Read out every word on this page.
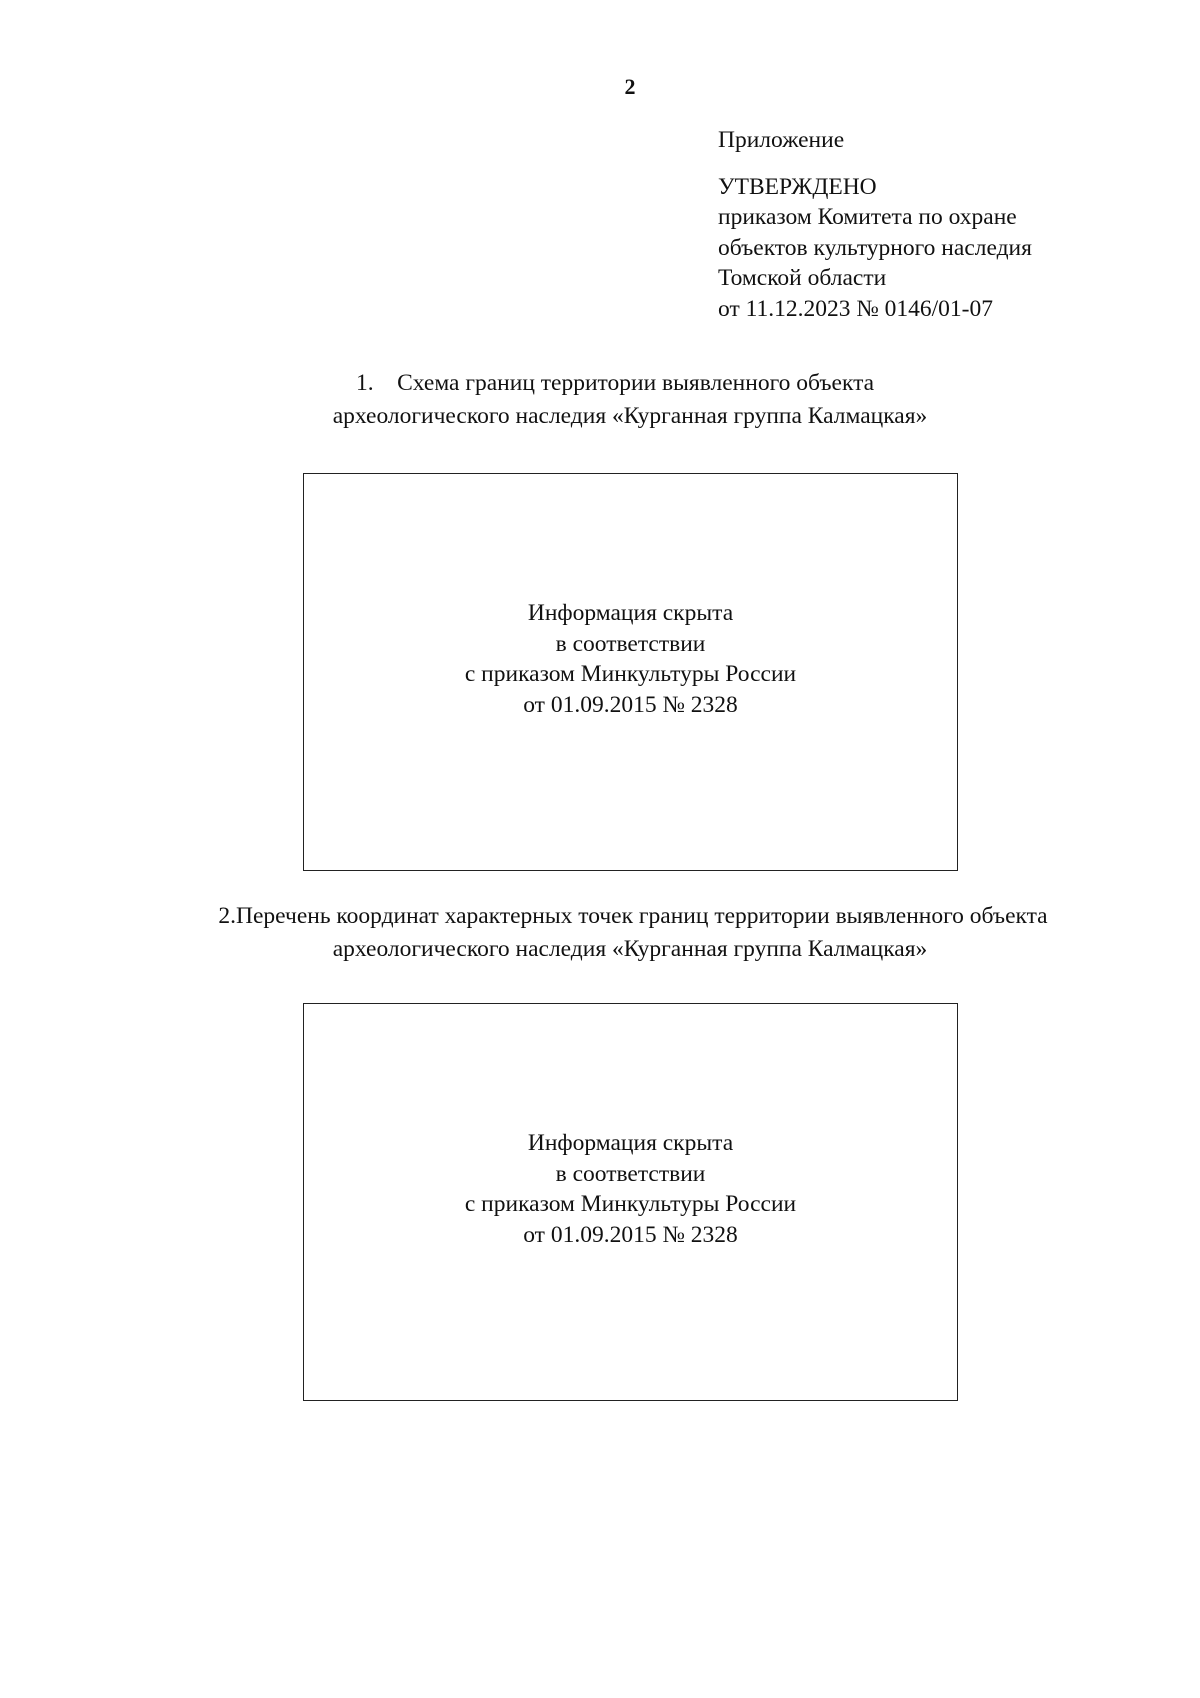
2
Приложение
УТВЕРЖДЕНО
приказом Комитета по охране
объектов культурного наследия
Томской области
от 11.12.2023 № 0146/01-07
1. Схема границ территории выявленного объекта
археологического наследия «Курганная группа Калмацкая»
Информация скрыта
в соответствии
с приказом Минкультуры России
от 01.09.2015 № 2328
2.Перечень координат характерных точек границ территории выявленного объекта
археологического наследия «Курганная группа Калмацкая»
Информация скрыта
в соответствии
с приказом Минкультуры России
от 01.09.2015 № 2328
